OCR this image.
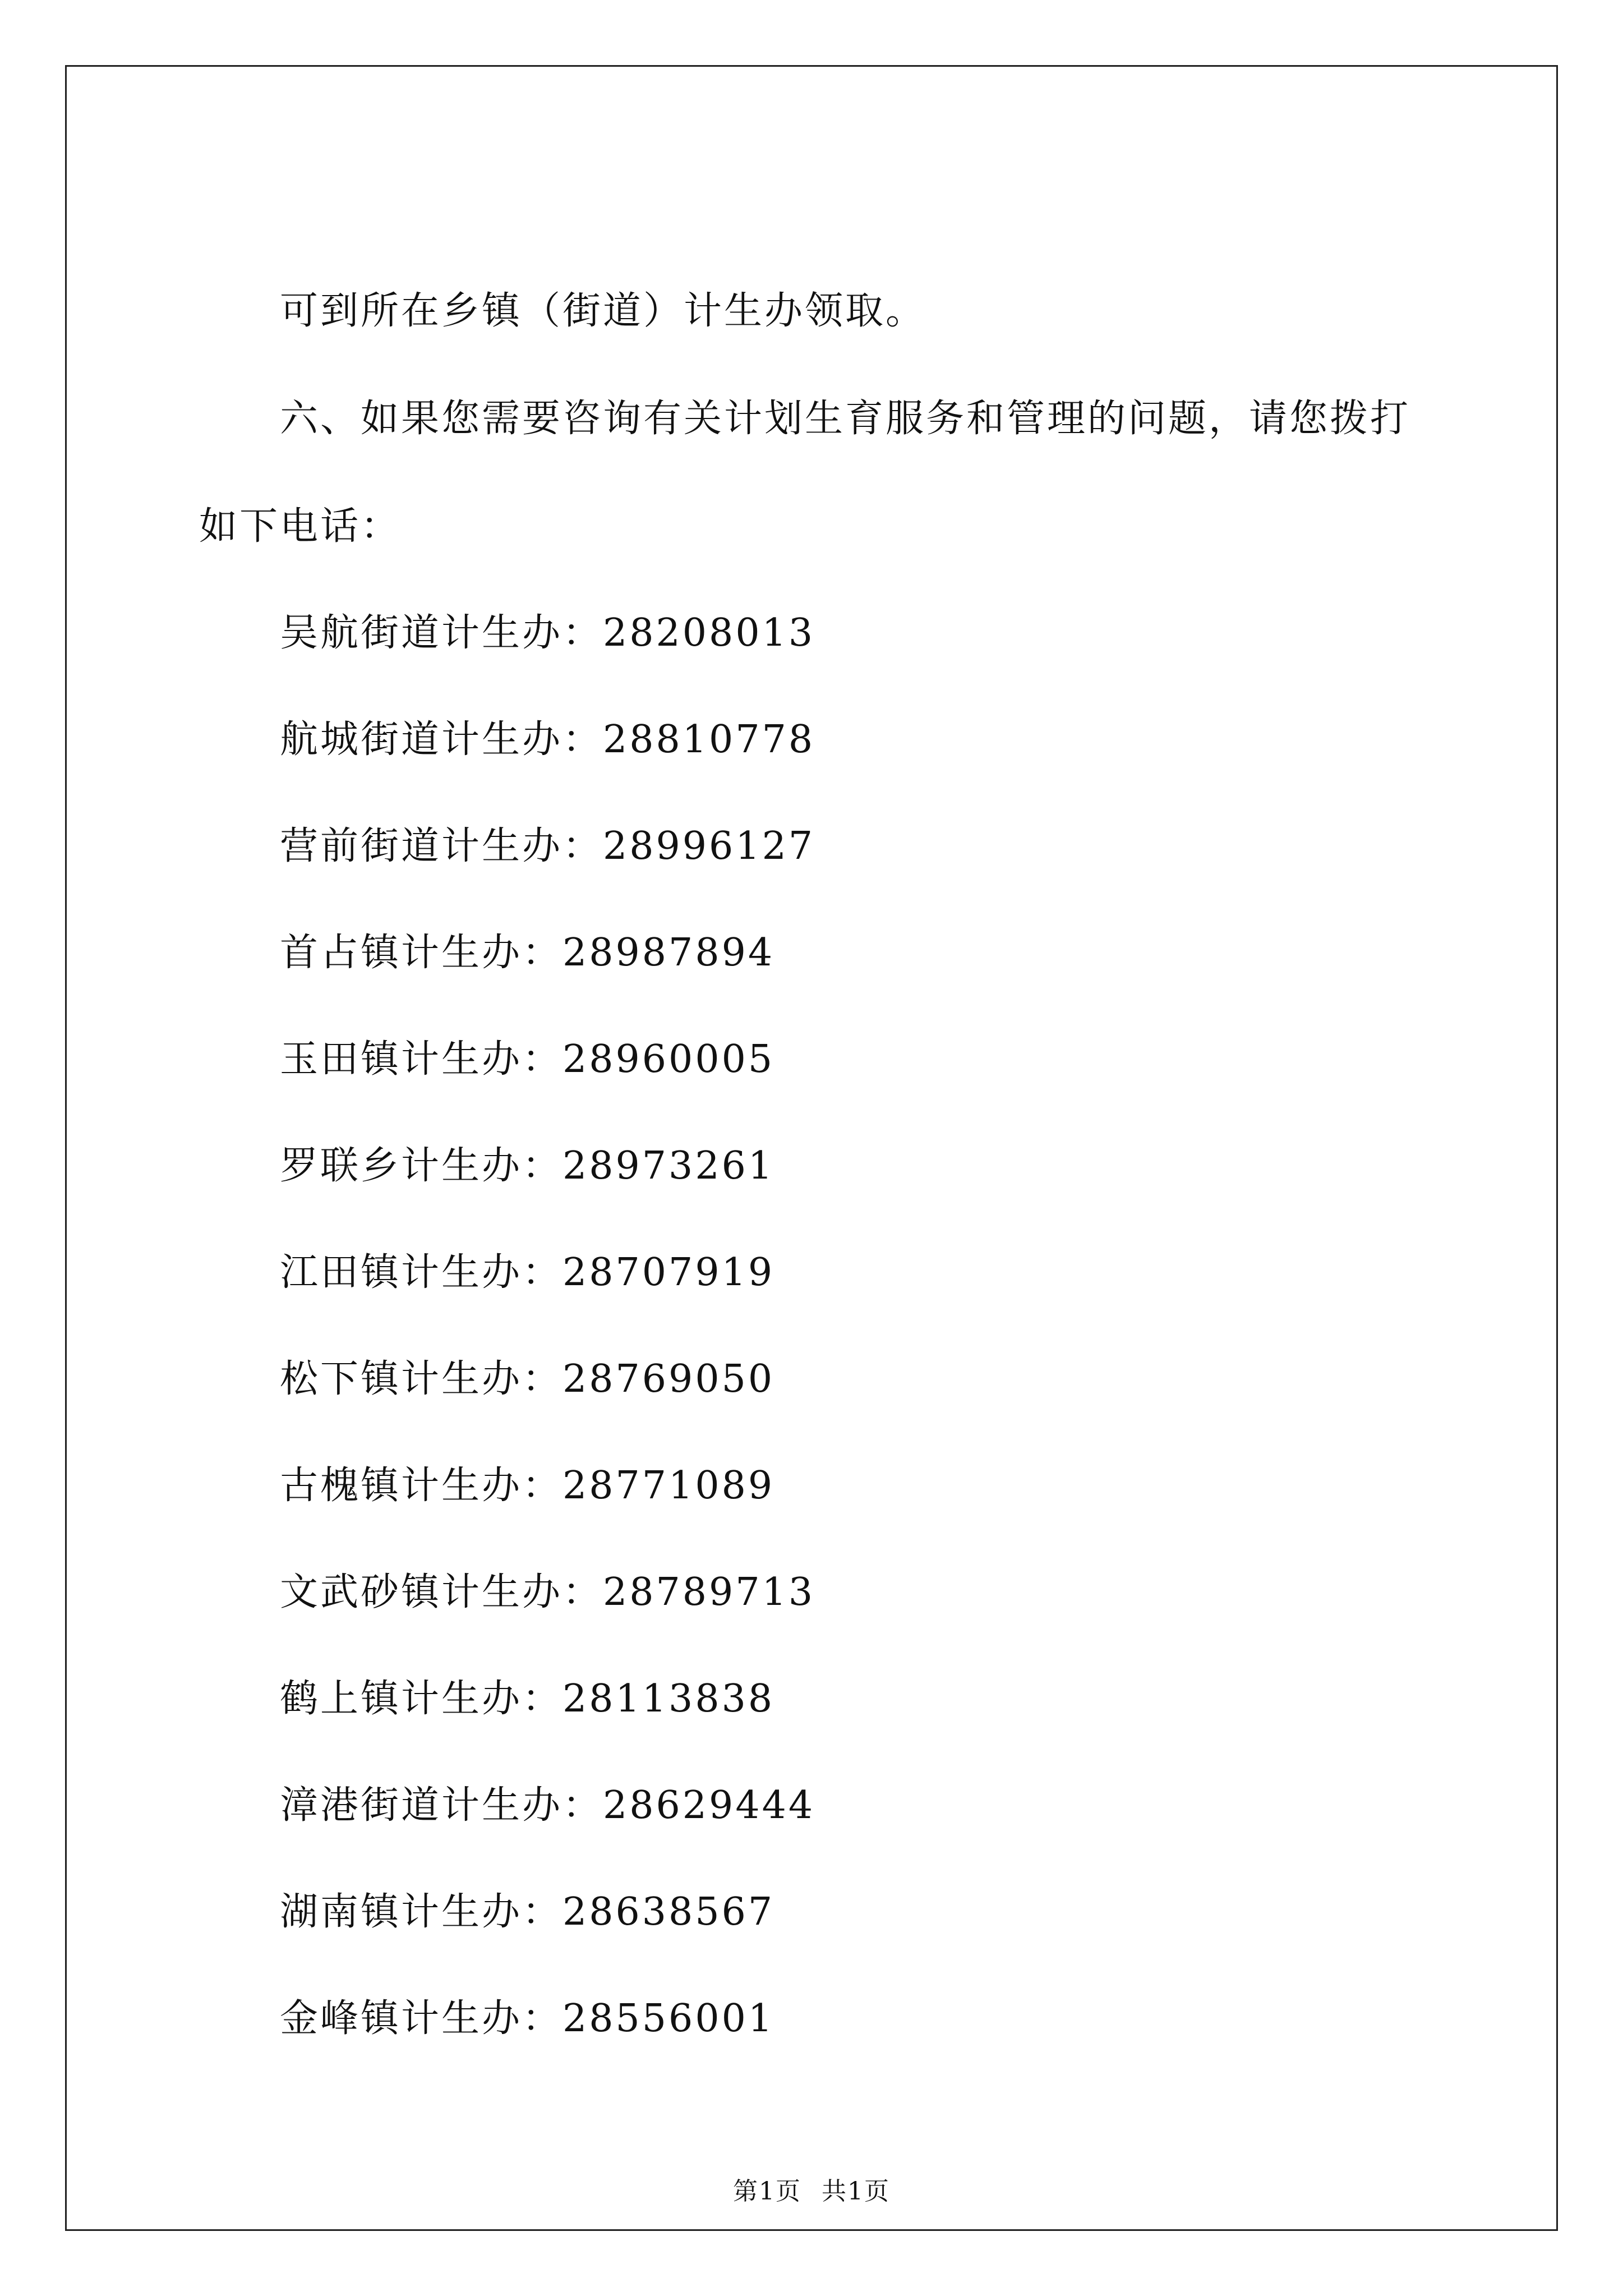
可到所在乡镇（街道）计生办领取。
六、如果您需要咨询有关计划生育服务和管理的问题，请您拨打
如下电话：
吴航街道计生办：28208013
航城街道计生办：28810778
营前街道计生办：28996127
首占镇计生办：28987894
玉田镇计生办：28960005
罗联乡计生办：28973261
江田镇计生办：28707919
松下镇计生办：28769050
古槐镇计生办：28771089
文武砂镇计生办：28789713
鹤上镇计生办：28113838
漳港街道计生办：28629444
湖南镇计生办：28638567
金峰镇计生办：28556001
第1页 共1页
